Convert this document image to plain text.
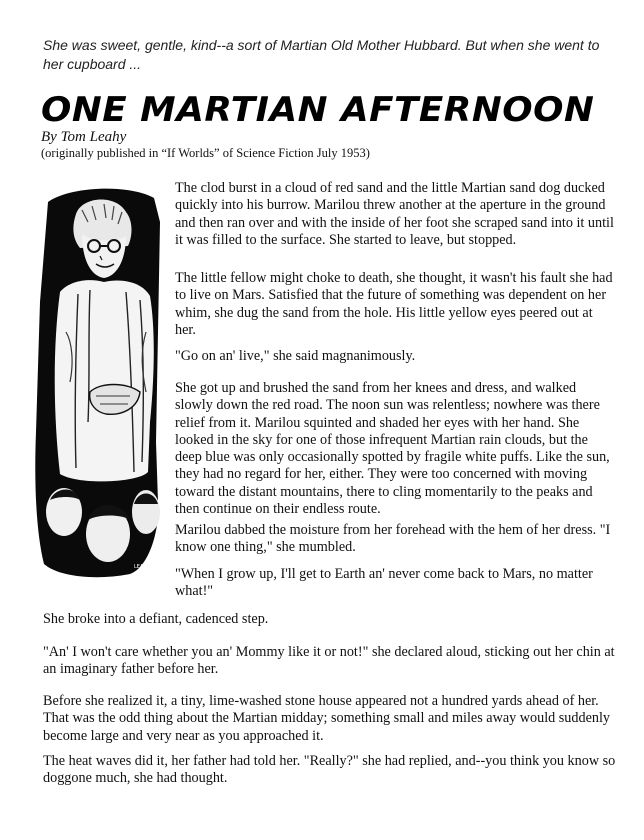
She was sweet, gentle, kind--a sort of Martian Old Mother Hubbard. But when she went to her cupboard ...

ONE MARTIAN AFTERNOON

By Tom Leahy

(originally published in “If Worlds” of Science Fiction July 1953)

LEAHY

The clod burst in a cloud of red sand and the little Martian sand dog ducked quickly into his burrow. Marilou threw another at the aperture in the ground and then ran over and with the inside of her foot she scraped sand into it until it was filled to the surface. She started to leave, but stopped.

The little fellow might choke to death, she thought, it wasn't his fault she had to live on Mars. Satisfied that the future of something was dependent on her whim, she dug the sand from the hole. His little yellow eyes peered out at her.

"Go on an' live," she said magnanimously.

She got up and brushed the sand from her knees and dress, and walked slowly down the red road. The noon sun was relentless; nowhere was there relief from it. Marilou squinted and shaded her eyes with her hand. She looked in the sky for one of those infrequent Martian rain clouds, but the deep blue was only occasionally spotted by fragile white puffs. Like the sun, they had no regard for her, either. They were too concerned with moving toward the distant mountains, there to cling momentarily to the peaks and then continue on their endless route.

Marilou dabbed the moisture from her forehead with the hem of her dress. "I know one thing," she mumbled.

"When I grow up, I'll get to Earth an' never come back to Mars, no matter what!"

She broke into a defiant, cadenced step.

"An' I won't care whether you an' Mommy like it or not!" she declared aloud, sticking out her chin at an imaginary father before her.

Before she realized it, a tiny, lime-washed stone house appeared not a hundred yards ahead of her. That was the odd thing about the Martian midday; something small and miles away would suddenly become large and very near as you approached it.

The heat waves did it, her father had told her. "Really?" she had replied, and--you think you know so doggone much, she had thought.
